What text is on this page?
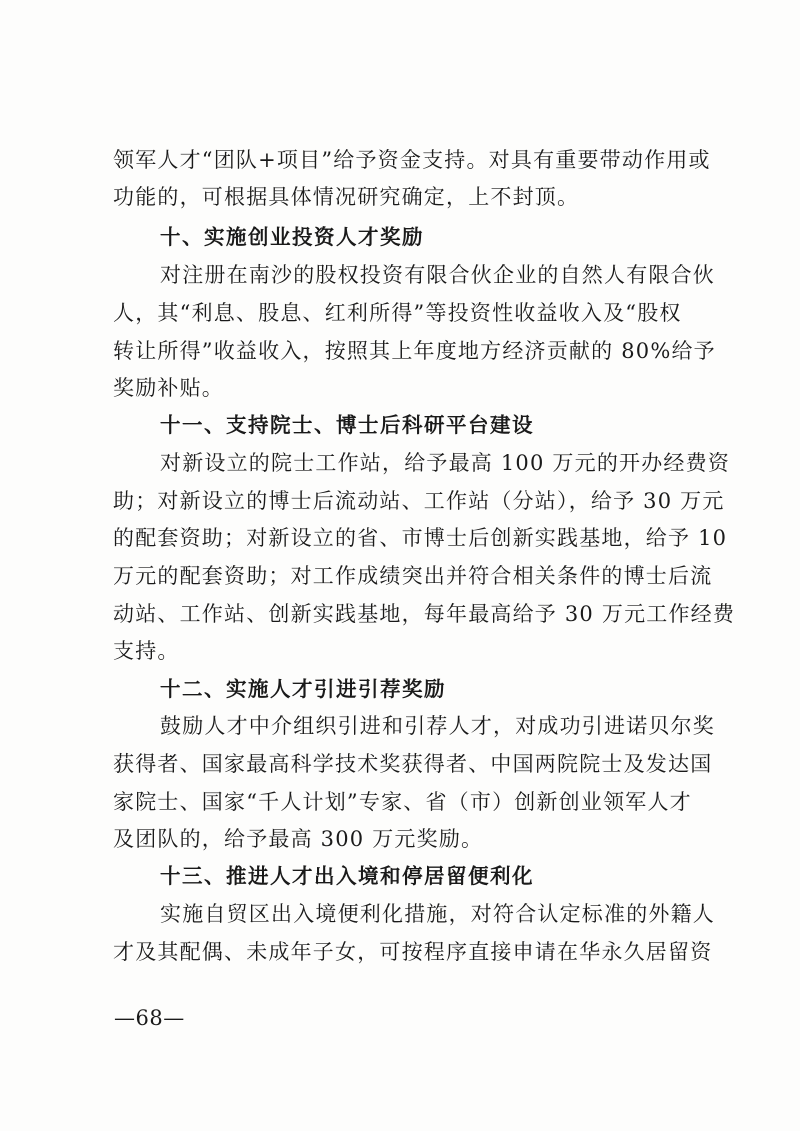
领军人才“团队+项目”给予资金支持。对具有重要带动作用或
功能的，可根据具体情况研究确定，上不封顶。
十、实施创业投资人才奖励
对注册在南沙的股权投资有限合伙企业的自然人有限合伙
人，其“利息、股息、红利所得”等投资性收益收入及“股权
转让所得”收益收入，按照其上年度地方经济贡献的 80%给予
奖励补贴。
十一、支持院士、博士后科研平台建设
对新设立的院士工作站，给予最高 100 万元的开办经费资
助；对新设立的博士后流动站、工作站（分站），给予 30 万元
的配套资助；对新设立的省、市博士后创新实践基地，给予 10
万元的配套资助；对工作成绩突出并符合相关条件的博士后流
动站、工作站、创新实践基地，每年最高给予 30 万元工作经费
支持。
十二、实施人才引进引荐奖励
鼓励人才中介组织引进和引荐人才，对成功引进诺贝尔奖
获得者、国家最高科学技术奖获得者、中国两院院士及发达国
家院士、国家“千人计划”专家、省（市）创新创业领军人才
及团队的，给予最高 300 万元奖励。
十三、推进人才出入境和停居留便利化
实施自贸区出入境便利化措施，对符合认定标准的外籍人
才及其配偶、未成年子女，可按程序直接申请在华永久居留资
—68—
